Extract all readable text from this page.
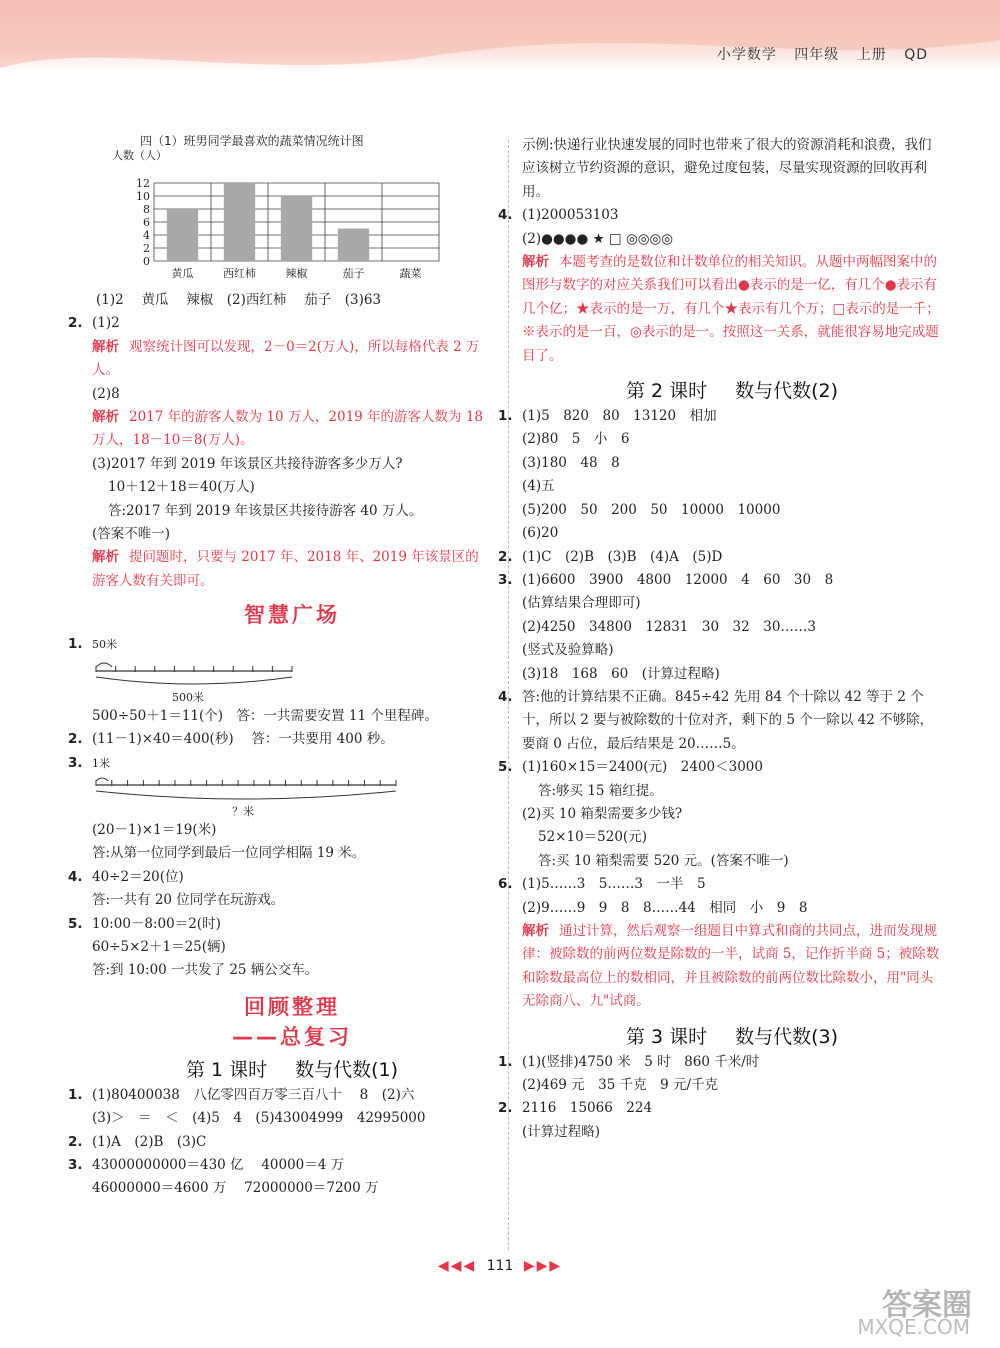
小学数学 四年级 上册 QD
四（1）班男同学最喜欢的蔬菜情况统计图
人数（人）
0
2
4
6
8
10
12
黄瓜	西红柿	辣椒	茄子	蔬菜
(1)2　 黄瓜　 辣椒　(2)西红柿　 茄子　(3)63
2. (1)2
解析 观察统计图可以发现，2－0＝2(万人)，所以每格代表 2 万人。
(2)8
解析 2017 年的游客人数为 10 万人，2019 年的游客人数为 18 万人，18－10＝8(万人)。
(3)2017 年到 2019 年该景区共接待游客多少万人?
10＋12＋18＝40(万人)
答:2017 年到 2019 年该景区共接待游客 40 万人。
(答案不唯一)
解析 提问题时，只要与 2017 年、2018 年、2019 年该景区的游客人数有关即可。
智慧广场
1. 50米
500米
500÷50＋1＝11(个)　答：一共需要安置 11 个里程碑。
2. (11－1)×40＝400(秒)　 答：一共要用 400 秒。
3. 1米
？米
(20－1)×1＝19(米)
答:从第一位同学到最后一位同学相隔 19 米。
4. 40÷2＝20(位)
答:一共有 20 位同学在玩游戏。
5. 10:00－8:00＝2(时)
60÷5×2＋1＝25(辆)
答:到 10:00 一共发了 25 辆公交车。
回顾整理
——总复习
第 1 课时 数与代数(1)
1. (1)80400038　八亿零四百万零三百八十　 8　(2)六
(3)＞　＝　＜　(4)5　4　(5)43004999　42995000
2. (1)A　(2)B　(3)C
3. 43000000000＝430 亿　 40000＝4 万
46000000＝4600 万　 72000000＝7200 万
示例:快递行业快速发展的同时也带来了很大的资源消耗和浪费，我们应该树立节约资源的意识，避免过度包装，尽量实现资源的回收再利用。
4. (1)200053103
(2)●●●● ★ □ ◎◎◎◎
解析 本题考查的是数位和计数单位的相关知识。从题中两幅图案中的图形与数字的对应关系我们可以看出●表示的是一亿，有几个●表示有几个亿；★表示的是一万，有几个★表示有几个万；□表示的是一千；※表示的是一百，◎表示的是一。按照这一关系，就能很容易地完成题目了。
第 2 课时 数与代数(2)
1. (1)5　820　80　13120　相加
(2)80　5　小　6
(3)180　48　8
(4)五
(5)200　50　200　50　10000　10000
(6)20
2. (1)C　(2)B　(3)B　(4)A　(5)D
3. (1)6600　3900　4800　12000　4　60　30　8
(估算结果合理即可)
(2)4250　34800　12831　30　32　30……3
(竖式及验算略)
(3)18　168　60　(计算过程略)
4. 答:他的计算结果不正确。845÷42 先用 84 个十除以 42 等于 2 个十，所以 2 要与被除数的十位对齐，剩下的 5 个一除以 42 不够除，要商 0 占位，最后结果是 20……5。
5. (1)160×15＝2400(元)　2400＜3000
答:够买 15 箱红提。
(2)买 10 箱梨需要多少钱?
52×10＝520(元)
答:买 10 箱梨需要 520 元。(答案不唯一)
6. (1)5……3　5……3　一半　5
(2)9……9　9　8　8……44　相同　小　9　8
解析 通过计算，然后观察一组题目中算式和商的共同点，进而发现规律：被除数的前两位数是除数的一半，试商 5，记作折半商 5；被除数和除数最高位上的数相同，并且被除数的前两位数比除数小，用"同头无除商八、九"试商。
第 3 课时 数与代数(3)
1. (1)(竖排)4750 米　5 时　860 千米/时
(2)469 元　35 千克　9 元/千克
2. 2116　15066　224
(计算过程略)
◀◀◀ 111 ▶▶▶
答案圈
MXQE.COM
